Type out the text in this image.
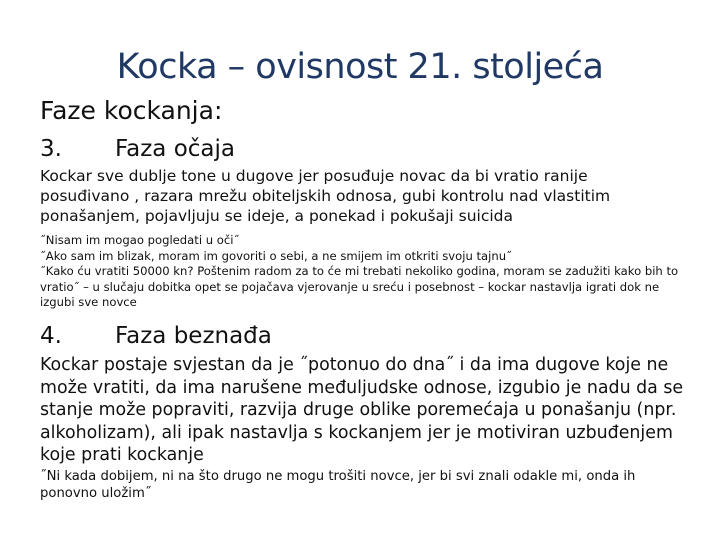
Kocka – ovisnost 21. stoljeća
Faze kockanja:
3. Faza očaja
Kockar sve dublje tone u dugove jer posuđuje novac da bi vratio ranije posuđivano , razara mrežu obiteljskih odnosa, gubi kontrolu nad vlastitim ponašanjem, pojavljuju se ideje, a ponekad i pokušaji suicida
˝Nisam im mogao pogledati u oči˝
˝Ako sam im blizak, moram im govoriti o sebi, a ne smijem im otkriti svoju tajnu˝
˝Kako ću vratiti 50000 kn? Poštenim radom za to će mi trebati nekoliko godina, moram se zadužiti kako bih to vratio˝ – u slučaju dobitka opet se pojačava vjerovanje u sreću i posebnost – kockar nastavlja igrati dok ne izgubi sve novce
4. Faza beznađa
Kockar postaje svjestan da je ˝potonuo do dna˝ i da ima dugove koje ne može vratiti, da ima narušene međuljudske odnose, izgubio je nadu da se stanje može popraviti, razvija druge oblike poremećaja u ponašanju (npr. alkoholizam), ali ipak nastavlja s kockanjem jer je motiviran uzbuđenjem koje prati kockanje
˝Ni kada dobijem, ni na što drugo ne mogu trošiti novce, jer bi svi znali odakle mi, onda ih ponovno uložim˝
